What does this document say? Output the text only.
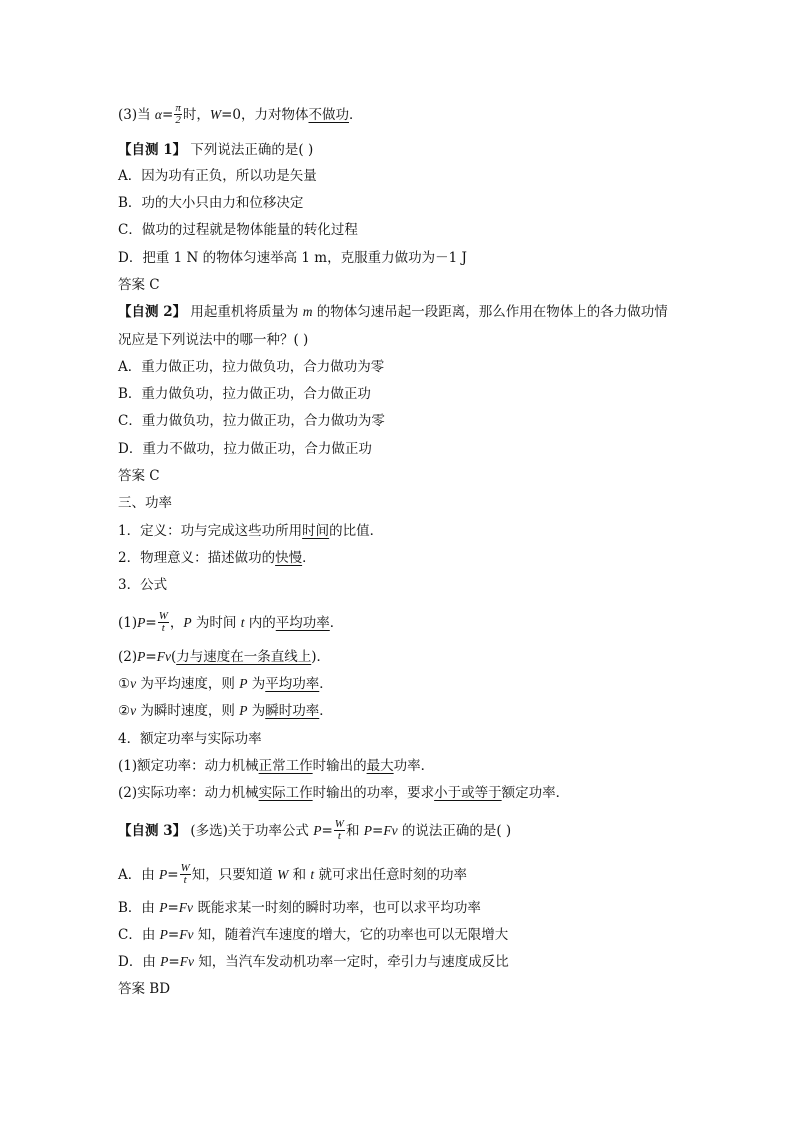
(3)当 $\alpha= \frac{\pi}{2}$ 时，W=0，力对物体不做功．
【自测 1】 下列说法正确的是( )
A．因为功有正负，所以功是矢量
B．功的大小只由力和位移决定
C．做功的过程就是物体能量的转化过程
D．把重 1 N 的物体匀速举高 1 m，克服重力做功为－1 J
答案 C
【自测 2】 用起重机将质量为 m 的物体匀速吊起一段距离，那么作用在物体上的各力做功情
况应是下列说法中的哪一种？( )
A．重力做正功，拉力做负功，合力做功为零
B．重力做负功，拉力做正功，合力做正功
C．重力做负功，拉力做正功，合力做功为零
D．重力不做功，拉力做正功，合力做正功
答案 C
三、功率
1．定义：功与完成这些功所用时间的比值．
2．物理意义：描述做功的快慢．
3．公式
$(1)P= \frac{W}{t}$ ，P 为时间 t 内的平均功率．
(2)P=Fv(力与速度在一条直线上)．
①v 为平均速度，则 P 为平均功率．
②v 为瞬时速度，则 P 为瞬时功率．
4．额定功率与实际功率
(1)额定功率：动力机械正常工作时输出的最大功率．
(2)实际功率：动力机械实际工作时输出的功率，要求小于或等于额定功率．
【自测 3】 (多选)关于功率公式 $P= \frac{W}{t}$ 和 P=Fv 的说法正确的是( )
A．由 $P= \frac{W}{t}$ 知，只要知道 W 和 t 就可求出任意时刻的功率
B．由 P=Fv 既能求某一时刻的瞬时功率，也可以求平均功率
C．由 P=Fv 知，随着汽车速度的增大，它的功率也可以无限增大
D．由 P=Fv 知，当汽车发动机功率一定时，牵引力与速度成反比
答案 BD
